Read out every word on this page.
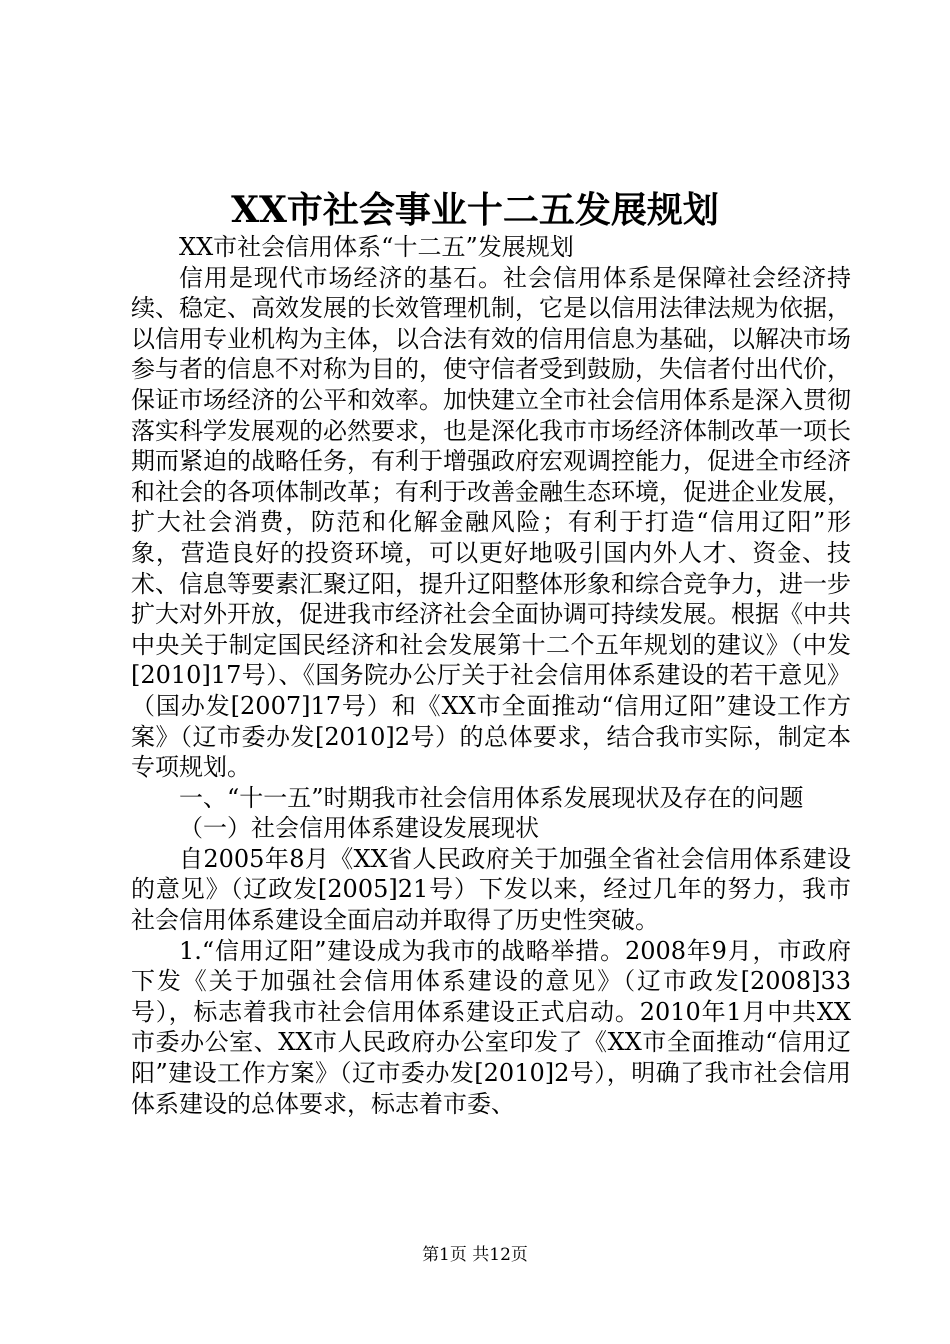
XX市社会事业十二五发展规划

XX市社会信用体系“十二五”发展规划

信用是现代市场经济的基石。社会信用体系是保障社会经济持续、稳定、高效发展的长效管理机制，它是以信用法律法规为依据，以信用专业机构为主体，以合法有效的信用信息为基础，以解决市场参与者的信息不对称为目的，使守信者受到鼓励，失信者付出代价，保证市场经济的公平和效率。加快建立全市社会信用体系是深入贯彻落实科学发展观的必然要求，也是深化我市市场经济体制改革一项长期而紧迫的战略任务，有利于增强政府宏观调控能力，促进全市经济和社会的各项体制改革；有利于改善金融生态环境，促进企业发展，扩大社会消费，防范和化解金融风险；有利于打造“信用辽阳”形象，营造良好的投资环境，可以更好地吸引国内外人才、资金、技术、信息等要素汇聚辽阳，提升辽阳整体形象和综合竞争力，进一步扩大对外开放，促进我市经济社会全面协调可持续发展。根据《中共中央关于制定国民经济和社会发展第十二个五年规划的建议》（中发[2010]17号）、《国务院办公厅关于社会信用体系建设的若干意见》（国办发[2007]17号）和《XX市全面推动“信用辽阳”建设工作方案》（辽市委办发[2010]2号）的总体要求，结合我市实际，制定本专项规划。

一、“十一五”时期我市社会信用体系发展现状及存在的问题

（一）社会信用体系建设发展现状

自2005年8月《XX省人民政府关于加强全省社会信用体系建设的意见》（辽政发[2005]21号）下发以来，经过几年的努力，我市社会信用体系建设全面启动并取得了历史性突破。

1.“信用辽阳”建设成为我市的战略举措。2008年9月，市政府下发《关于加强社会信用体系建设的意见》（辽市政发[2008]33号），标志着我市社会信用体系建设正式启动。2010年1月中共XX市委办公室、XX市人民政府办公室印发了《XX市全面推动“信用辽阳”建设工作方案》（辽市委办发[2010]2号），明确了我市社会信用体系建设的总体要求，标志着市委、

第1页 共12页
